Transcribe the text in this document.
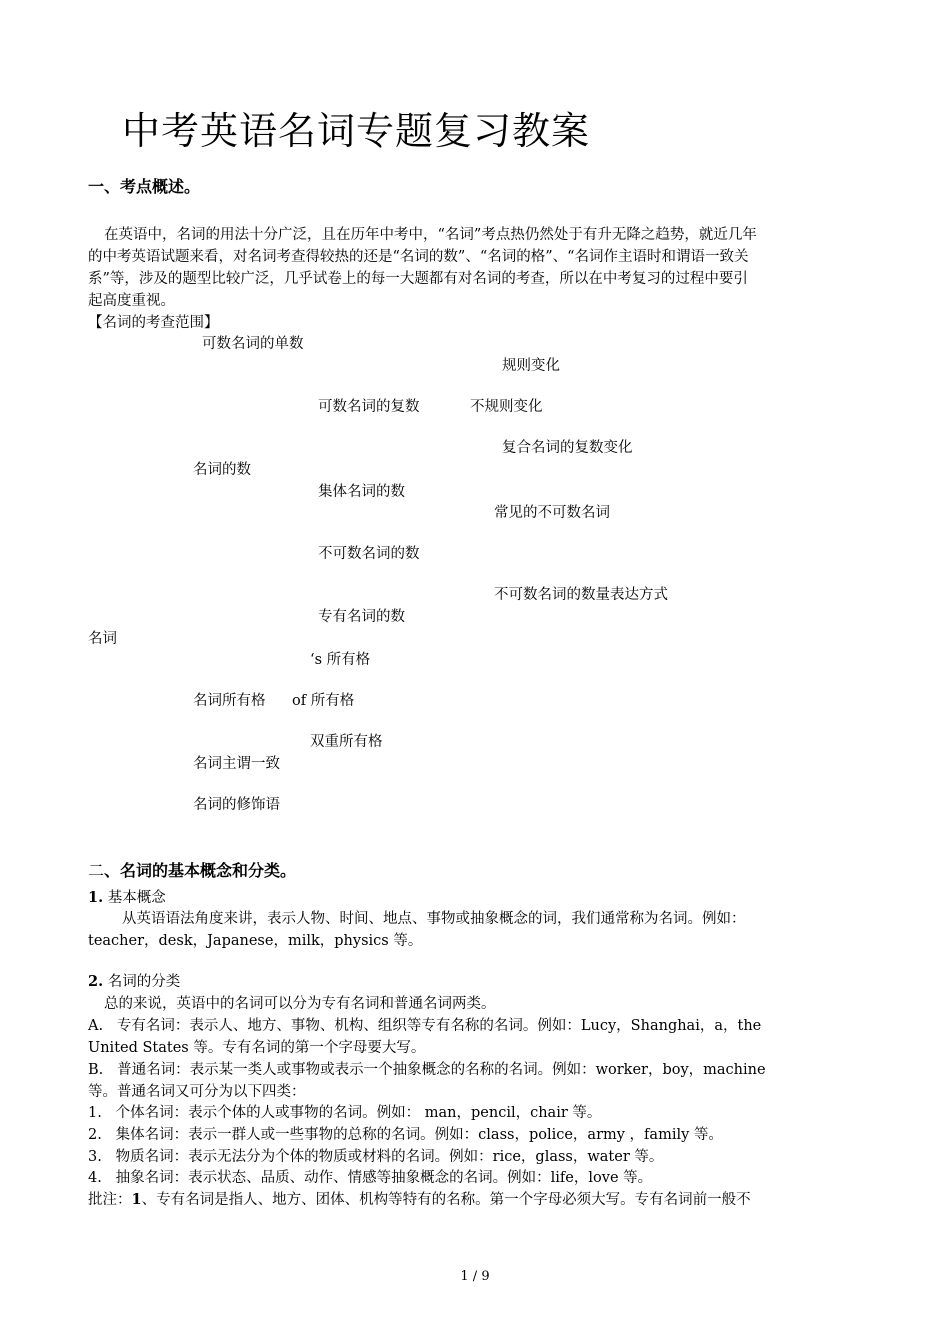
中考英语名词专题复习教案
一、考点概述。
在英语中，名词的用法十分广泛，且在历年中考中，“名词”考点热仍然处于有升无降之趋势，就近几年
的中考英语试题来看，对名词考查得较热的还是“名词的数”、“名词的格”、“名词作主语时和谓语一致关
系”等，涉及的题型比较广泛，几乎试卷上的每一大题都有对名词的考查，所以在中考复习的过程中要引
起高度重视。
【名词的考查范围】
可数名词的单数
规则变化
可数名词的复数	不规则变化
复合名词的复数变化
名词的数
集体名词的数
常见的不可数名词
不可数名词的数
不可数名词的数量表达方式
专有名词的数
名词
‘s 所有格
名词所有格 of 所有格
双重所有格
名词主谓一致
名词的修饰语
二、名词的基本概念和分类。
1. 基本概念
从英语语法角度来讲，表示人物、时间、地点、事物或抽象概念的词，我们通常称为名词。例如：
teacher，desk，Japanese，milk，physics 等。
2. 名词的分类
总的来说，英语中的名词可以分为专有名词和普通名词两类。
A.   专有名词：表示人、地方、事物、机构、组织等专有名称的名词。例如：Lucy，Shanghai，a，the
United States 等。专有名词的第一个字母要大写。
B.   普通名词：表示某一类人或事物或表示一个抽象概念的名称的名词。例如：worker，boy，machine
等。普通名词又可分为以下四类：
1.   个体名词：表示个体的人或事物的名词。例如： man，pencil，chair 等。
2.   集体名词：表示一群人或一些事物的总称的名词。例如：class，police，army ，family 等。
3.   物质名词：表示无法分为个体的物质或材料的名词。例如：rice，glass，water 等。
4.   抽象名词：表示状态、品质、动作、情感等抽象概念的名词。例如：life，love 等。
批注：1、专有名词是指人、地方、团体、机构等特有的名称。第一个字母必须大写。专有名词前一般不
1 / 9
